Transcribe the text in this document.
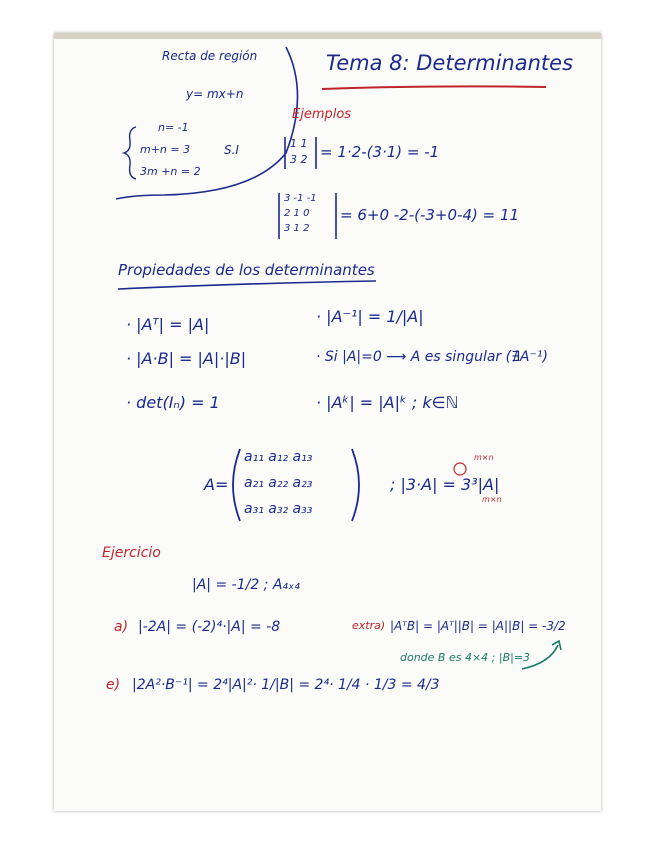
Tema 8: Determinantes
Recta de región
y= mx+n
n= -1
m+n = 3
3m +n = 2
S.I
Ejemplos
1 1
3 2 = 1·2-(3·1) = -1
3 -1 -1
2 1 0
3 1 2
= 6+0 -2-(-3+0-4) = 11
Propiedades de los determinantes
· |Aᵀ| = |A|	· |A⁻¹| = 1/|A|
· |A·B| = |A|·|B|	· Si |A|=0 ⟶ A es singular (∄A⁻¹)
· det(Iₙ) = 1	· |Aᵏ| = |A|ᵏ ; k∈ℕ
A=
a₁₁ a₁₂ a₁₃
a₂₁ a₂₂ a₂₃
a₃₁ a₃₂ a₃₃
; |3·A| = 3³|A|
m×n
m×n
Ejercicio
|A| = -1/2 ; A₄ₓ₄
a) |-2A| = (-2)⁴·|A| = -8	extra) |AᵀB| = |Aᵀ||B| = |A||B| = -3/2
donde B es 4×4 ; |B|=3
e) |2A²·B⁻¹| = 2⁴|A|²· 1/|B| = 2⁴· 1/4 · 1/3 = 4/3
